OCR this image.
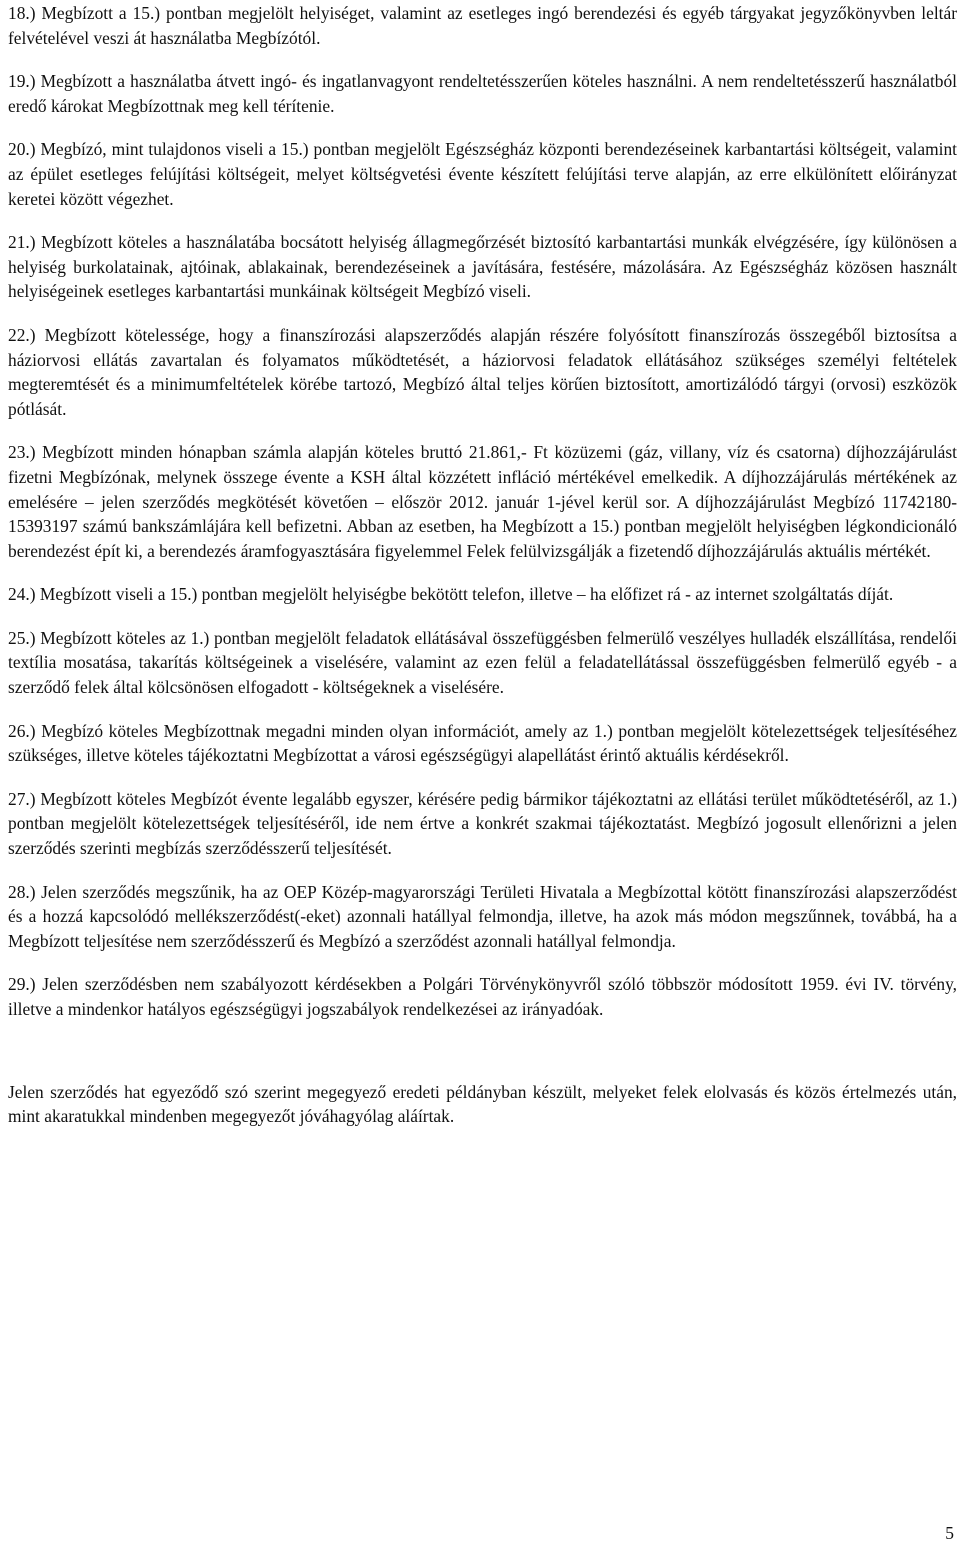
18.) Megbízott a 15.) pontban megjelölt helyiséget, valamint az esetleges ingó berendezési és egyéb tárgyakat jegyzőkönyvben leltár felvételével veszi át használatba Megbízótól.

19.) Megbízott a használatba átvett ingó- és ingatlanvagyont rendeltetésszerűen köteles használni. A nem rendeltetésszerű használatból eredő károkat Megbízottnak meg kell térítenie.

20.) Megbízó, mint tulajdonos viseli a 15.) pontban megjelölt Egészségház központi berendezéseinek karbantartási költségeit, valamint az épület esetleges felújítási költségeit, melyet költségvetési évente készített felújítási terve alapján, az erre elkülönített előirányzat keretei között végezhet.

21.) Megbízott köteles a használatába bocsátott helyiség állagmegőrzését biztosító karbantartási munkák elvégzésére, így különösen a helyiség burkolatainak, ajtóinak, ablakainak, berendezéseinek a javítására, festésére, mázolására. Az Egészségház közösen használt helyiségeinek esetleges karbantartási munkáinak költségeit Megbízó viseli.

22.) Megbízott kötelessége, hogy a finanszírozási alapszerződés alapján részére folyósított finanszírozás összegéből biztosítsa a háziorvosi ellátás zavartalan és folyamatos működtetését, a háziorvosi feladatok ellátásához szükséges személyi feltételek megteremtését és a minimumfeltételek körébe tartozó, Megbízó által teljes körűen biztosított, amortizálódó tárgyi (orvosi) eszközök pótlását.

23.) Megbízott minden hónapban számla alapján köteles bruttó 21.861,- Ft közüzemi (gáz, villany, víz és csatorna) díjhozzájárulást fizetni Megbízónak, melynek összege évente a KSH által közzétett infláció mértékével emelkedik. A díjhozzájárulás mértékének az emelésére – jelen szerződés megkötését követően – először 2012. január 1-jével kerül sor. A díjhozzájárulást Megbízó 11742180-15393197 számú bankszámlájára kell befizetni. Abban az esetben, ha Megbízott a 15.) pontban megjelölt helyiségben légkondicionáló berendezést épít ki, a berendezés áramfogyasztására figyelemmel Felek felülvizsgálják a fizetendő díjhozzájárulás aktuális mértékét.

24.) Megbízott viseli a 15.) pontban megjelölt helyiségbe bekötött telefon, illetve – ha előfizet rá - az internet szolgáltatás díját.

25.) Megbízott köteles az 1.) pontban megjelölt feladatok ellátásával összefüggésben felmerülő veszélyes hulladék elszállítása, rendelői textília mosatása, takarítás költségeinek a viselésére, valamint az ezen felül a feladatellátással összefüggésben felmerülő egyéb - a szerződő felek által kölcsönösen elfogadott - költségeknek a viselésére.

26.) Megbízó köteles Megbízottnak megadni minden olyan információt, amely az 1.) pontban megjelölt kötelezettségek teljesítéséhez szükséges, illetve köteles tájékoztatni Megbízottat a városi egészségügyi alapellátást érintő aktuális kérdésekről.

27.) Megbízott köteles Megbízót évente legalább egyszer, kérésére pedig bármikor tájékoztatni az ellátási terület működtetéséről, az 1.) pontban megjelölt kötelezettségek teljesítéséről, ide nem értve a konkrét szakmai tájékoztatást. Megbízó jogosult ellenőrizni a jelen szerződés szerinti megbízás szerződésszerű teljesítését.

28.) Jelen szerződés megszűnik, ha az OEP Közép-magyarországi Területi Hivatala a Megbízottal kötött finanszírozási alapszerződést és a hozzá kapcsolódó mellékszerződést(-eket) azonnali hatállyal felmondja, illetve, ha azok más módon megszűnnek, továbbá, ha a Megbízott teljesítése nem szerződésszerű és Megbízó a szerződést azonnali hatállyal felmondja.

29.) Jelen szerződésben nem szabályozott kérdésekben a Polgári Törvénykönyvről szóló többször módosított 1959. évi IV. törvény, illetve a mindenkor hatályos egészségügyi jogszabályok rendelkezései az irányadóak.

Jelen szerződés hat egyeződő szó szerint megegyező eredeti példányban készült, melyeket felek elolvasás és közös értelmezés után, mint akaratukkal mindenben megegyezőt jóváhagyólag aláírtak.

5
